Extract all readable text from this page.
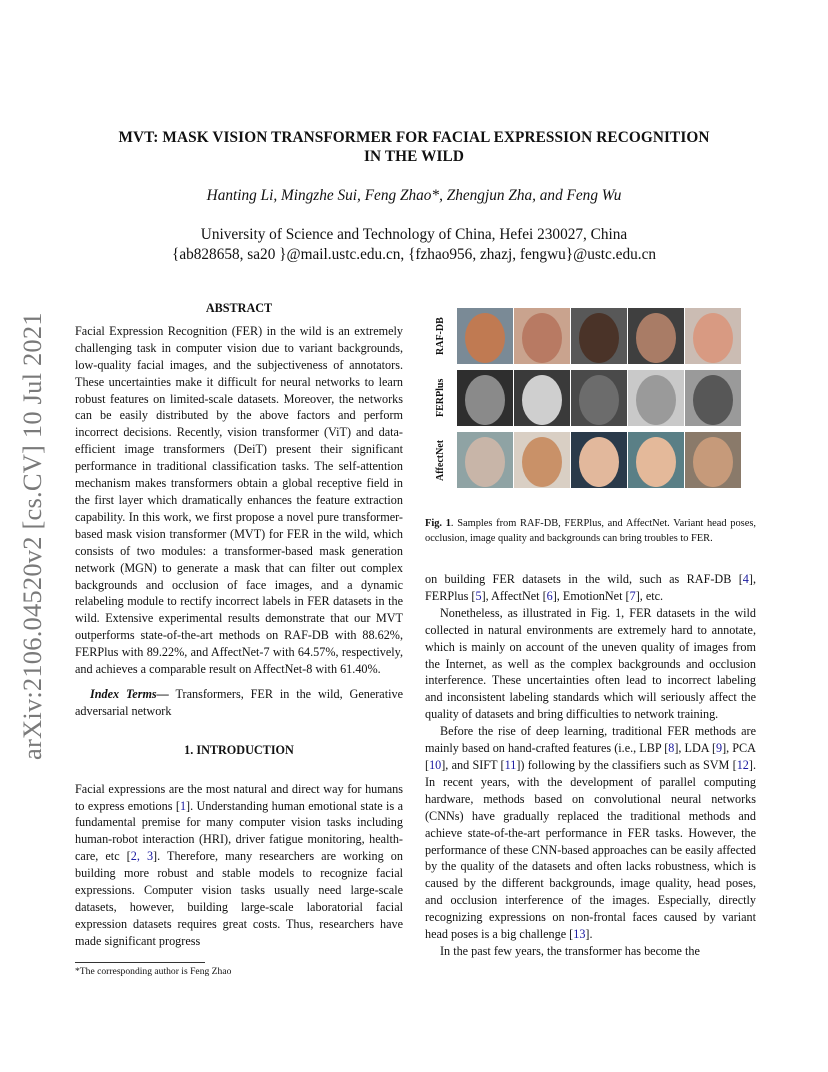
arXiv:2106.04520v2 [cs.CV] 10 Jul 2021
MVT: MASK VISION TRANSFORMER FOR FACIAL EXPRESSION RECOGNITION
IN THE WILD
Hanting Li, Mingzhe Sui, Feng Zhao*, Zhengjun Zha, and Feng Wu
University of Science and Technology of China, Hefei 230027, China
{ab828658, sa20 }@mail.ustc.edu.cn, {fzhao956, zhazj, fengwu}@ustc.edu.cn

ABSTRACT

Facial Expression Recognition (FER) in the wild is an extremely challenging task in computer vision due to variant backgrounds, low-quality facial images, and the subjectiveness of annotators. These uncertainties make it difficult for neural networks to learn robust features on limited-scale datasets. Moreover, the networks can be easily distributed by the above factors and perform incorrect decisions. Recently, vision transformer (ViT) and data-efficient image transformers (DeiT) present their significant performance in traditional classification tasks. The self-attention mechanism makes transformers obtain a global receptive field in the first layer which dramatically enhances the feature extraction capability. In this work, we first propose a novel pure transformer-based mask vision transformer (MVT) for FER in the wild, which consists of two modules: a transformer-based mask generation network (MGN) to generate a mask that can filter out complex backgrounds and occlusion of face images, and a dynamic relabeling module to rectify incorrect labels in FER datasets in the wild. Extensive experimental results demonstrate that our MVT outperforms state-of-the-art methods on RAF-DB with 88.62%, FERPlus with 89.22%, and AffectNet-7 with 64.57%, respectively, and achieves a comparable result on AffectNet-8 with 61.40%.

Index Terms— Transformers, FER in the wild, Generative adversarial network

1. INTRODUCTION

Facial expressions are the most natural and direct way for humans to express emotions [1]. Understanding human emotional state is a fundamental premise for many computer vision tasks including human-robot interaction (HRI), driver fatigue monitoring, health-care, etc [2, 3]. Therefore, many researchers are working on building more robust and stable models to recognize facial expressions. Computer vision tasks usually need large-scale datasets, however, building large-scale laboratorial facial expression datasets requires great costs. Thus, researchers have made significant progress

*The corresponding author is Feng Zhao
RAF-DB
FERPlus
AffectNet
Fig. 1. Samples from RAF-DB, FERPlus, and AffectNet. Variant head poses, occlusion, image quality and backgrounds can bring troubles to FER.

on building FER datasets in the wild, such as RAF-DB [4], FERPlus [5], AffectNet [6], EmotionNet [7], etc.

Nonetheless, as illustrated in Fig. 1, FER datasets in the wild collected in natural environments are extremely hard to annotate, which is mainly on account of the uneven quality of images from the Internet, as well as the complex backgrounds and occlusion interference. These uncertainties often lead to incorrect labeling and inconsistent labeling standards which will seriously affect the quality of datasets and bring difficulties to network training.

Before the rise of deep learning, traditional FER methods are mainly based on hand-crafted features (i.e., LBP [8], LDA [9], PCA [10], and SIFT [11]) following by the classifiers such as SVM [12]. In recent years, with the development of parallel computing hardware, methods based on convolutional neural networks (CNNs) have gradually replaced the traditional methods and achieve state-of-the-art performance in FER tasks. However, the performance of these CNN-based approaches can be easily affected by the quality of the datasets and often lacks robustness, which is caused by the different backgrounds, image quality, head poses, and occlusion interference of the images. Especially, directly recognizing expressions on non-frontal faces caused by variant head poses is a big challenge [13].

In the past few years, the transformer has become the
